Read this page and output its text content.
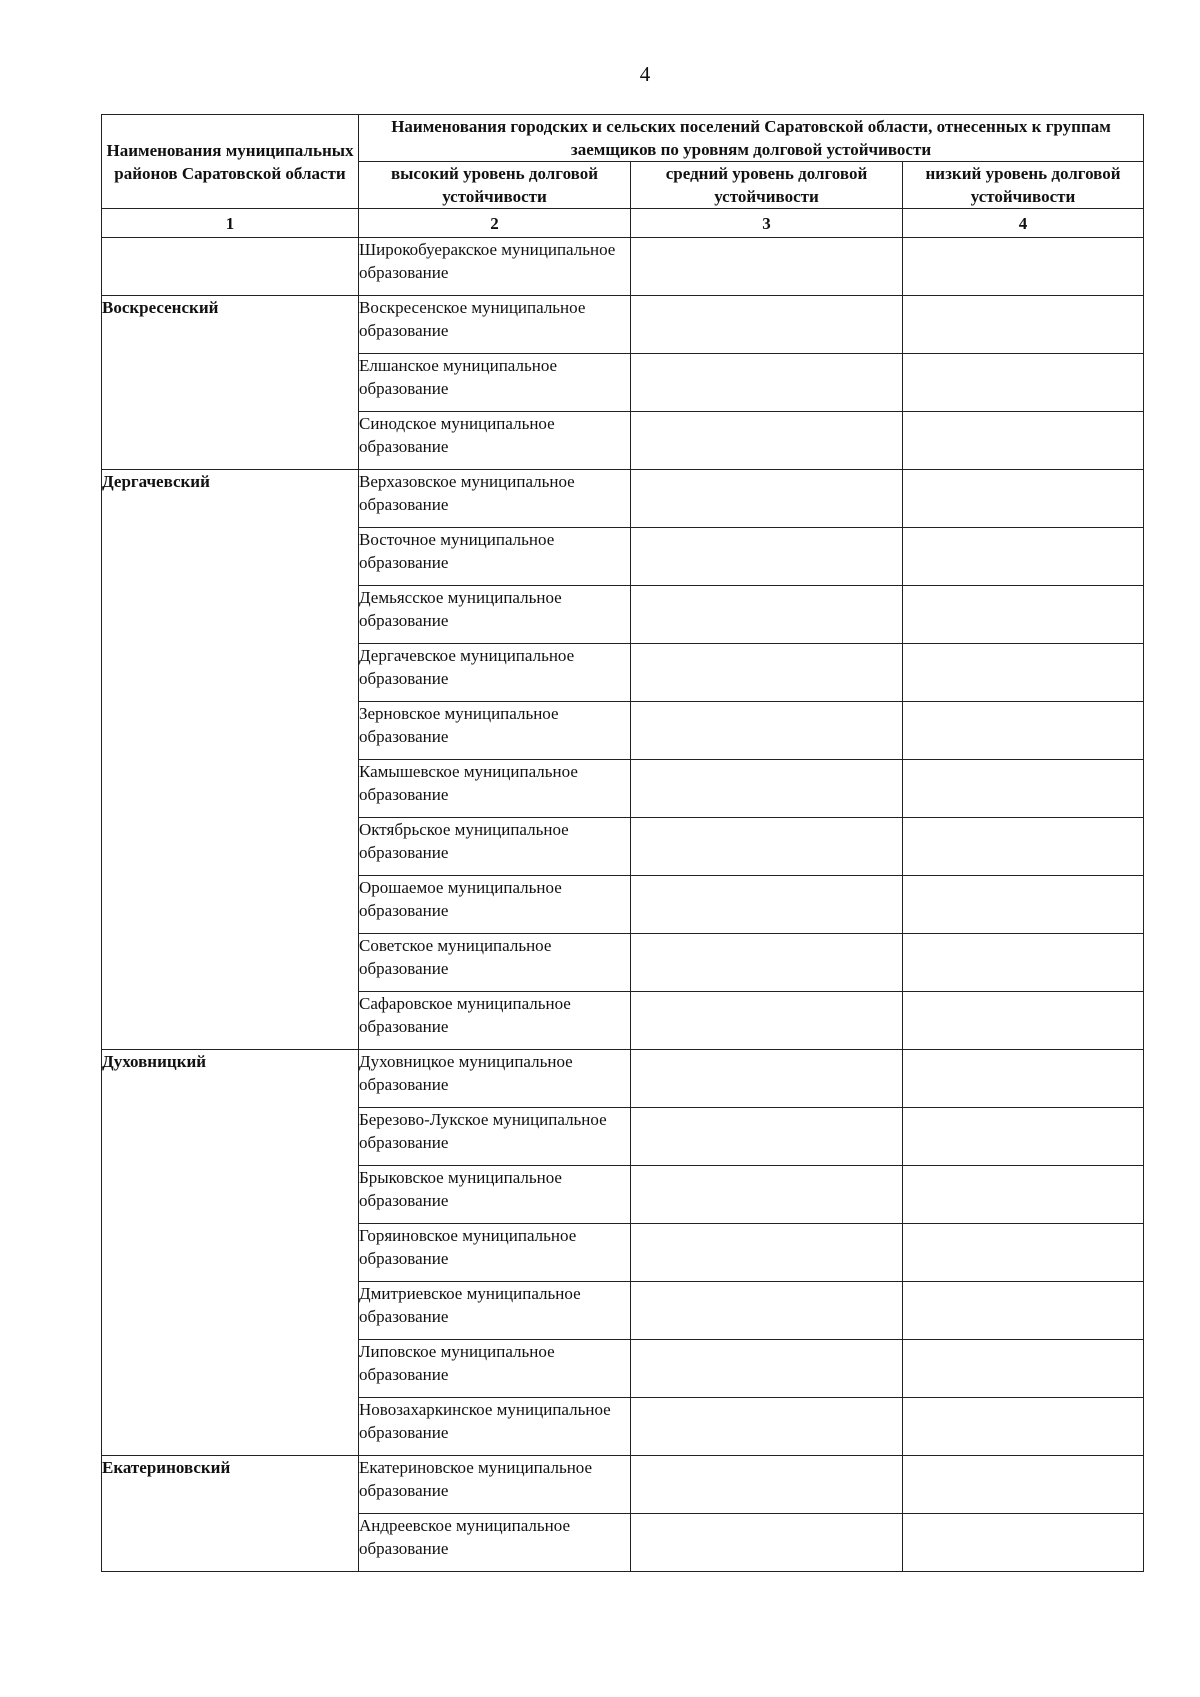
4
Наименования муниципальных районов Саратовской области	Наименования городских и сельских поселений Саратовской области, отнесенных к группам заемщиков по уровням долговой устойчивости		

	высокий уровень долговой устойчивости	средний уровень долговой устойчивости	низкий уровень долговой устойчивости

1	2	3	4
	Широкобуеракское муниципальное образование		
Воскресенский	Воскресенское муниципальное образование		
	Елшанское муниципальное образование		
	Синодское муниципальное образование		
Дергачевский	Верхазовское муниципальное образование		
	Восточное муниципальное образование		
	Демьясское муниципальное образование		
	Дергачевское муниципальное образование		
	Зерновское муниципальное образование		
	Камышевское муниципальное образование		
	Октябрьское муниципальное образование		
	Орошаемое муниципальное образование		
	Советское муниципальное образование		
	Сафаровское муниципальное образование		
Духовницкий	Духовницкое муниципальное образование		
	Березово-Лукское муниципальное образование		
	Брыковское муниципальное образование		
	Горяиновское муниципальное образование		
	Дмитриевское муниципальное образование		
	Липовское муниципальное образование		
	Новозахаркинское муниципальное образование		
Екатериновский	Екатериновское муниципальное образование		
	Андреевское муниципальное образование		
